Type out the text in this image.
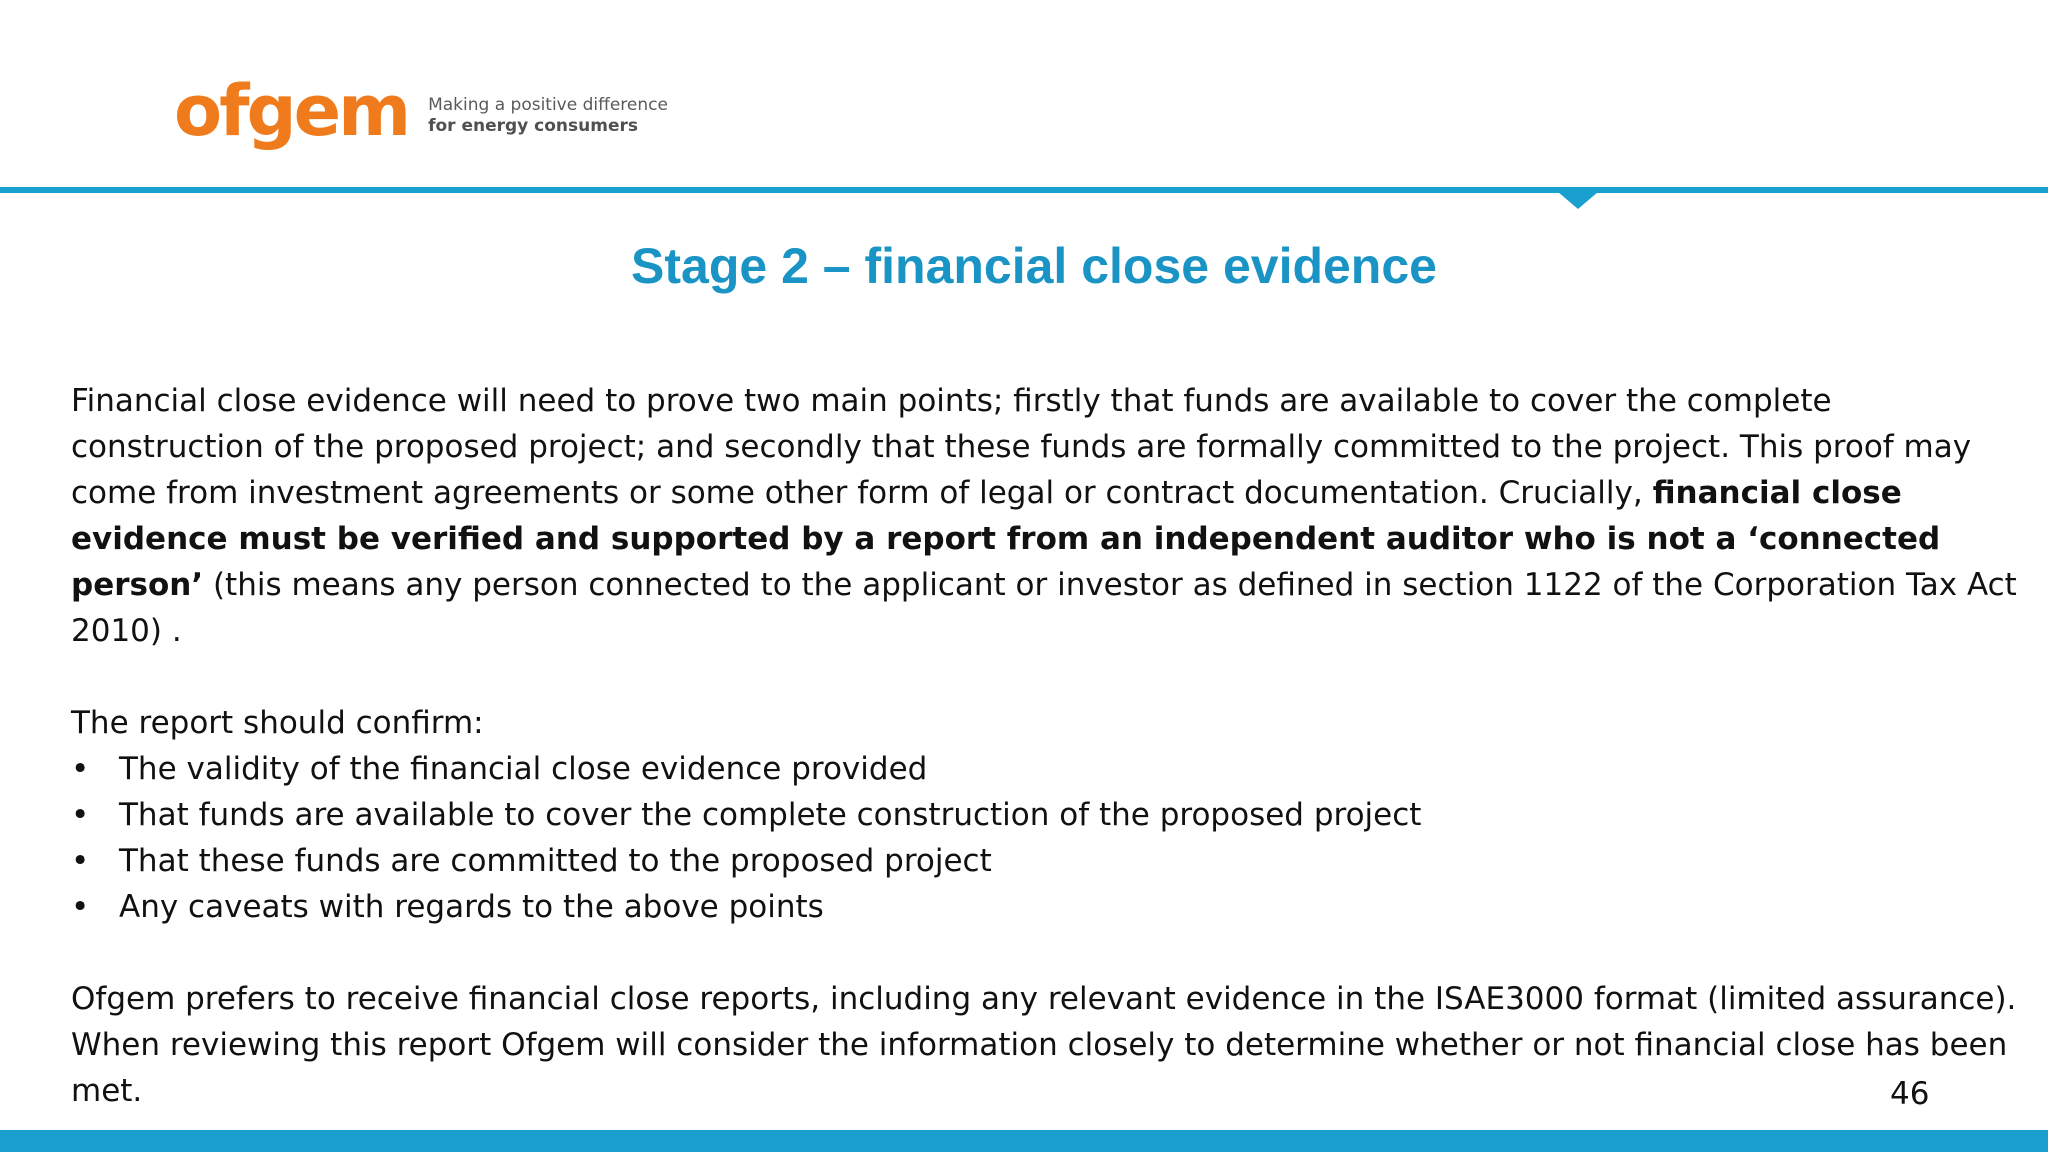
ofgem Making a positive difference
for energy consumers
Stage 2 – financial close evidence

Financial close evidence will need to prove two main points; firstly that funds are available to cover the complete construction of the proposed project; and secondly that these funds are formally committed to the project. This proof may come from investment agreements or some other form of legal or contract documentation. Crucially, financial close evidence must be verified and supported by a report from an independent auditor who is not a ‘connected person’ (this means any person connected to the applicant or investor as defined in section 1122 of the Corporation Tax Act 2010) .

The report should confirm:

• The validity of the financial close evidence provided
• That funds are available to cover the complete construction of the proposed project
• That these funds are committed to the proposed project
• Any caveats with regards to the above points

Ofgem prefers to receive financial close reports, including any relevant evidence in the ISAE3000 format (limited assurance). When reviewing this report Ofgem will consider the information closely to determine whether or not financial close has been met.	46
